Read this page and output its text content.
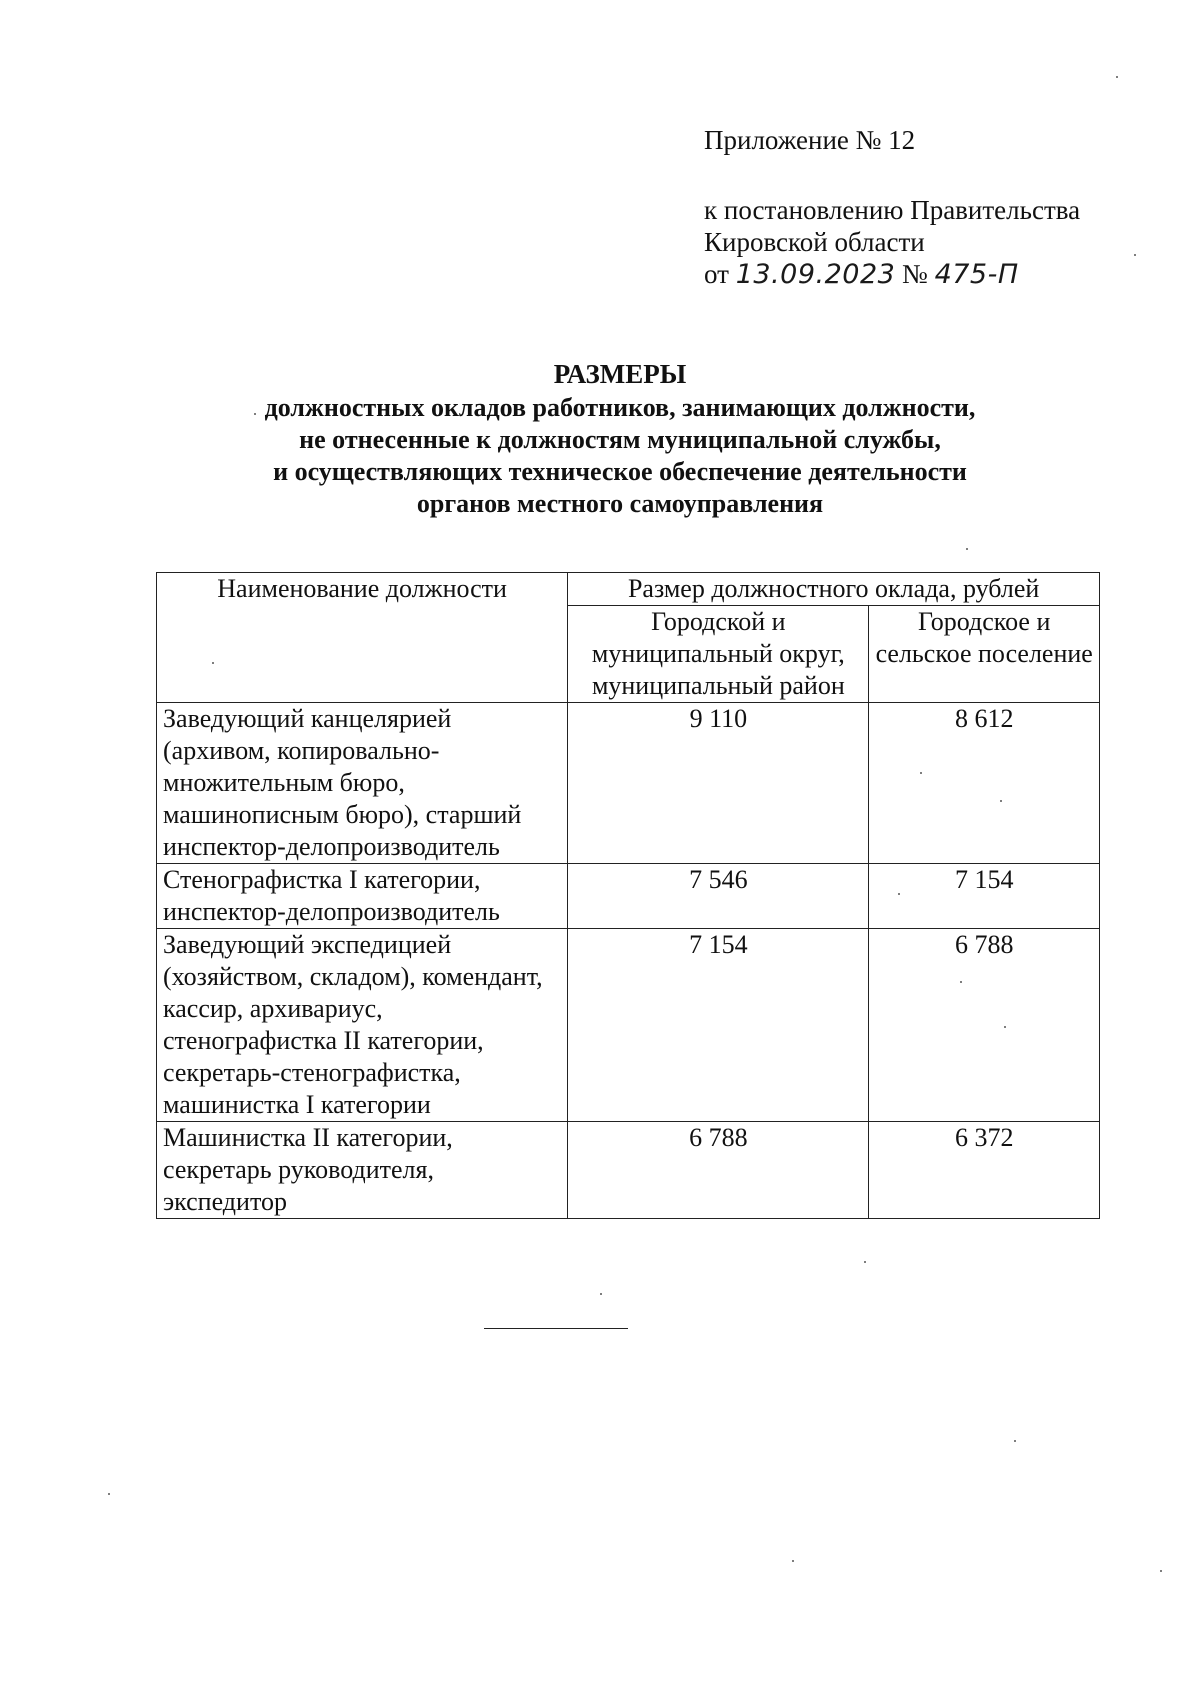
Приложение № 12
к постановлению Правительства
Кировской области
от 13.09.2023 № 475-П
РАЗМЕРЫ
должностных окладов работников, занимающих должности,
не отнесенные к должностям муниципальной службы,
и осуществляющих техническое обеспечение деятельности
органов местного самоуправления
Наименование должности	Размер должностного оклада, рублей	
	Городской и муниципальный округ, муниципальный район	Городское и сельское поселение
Заведующий канцелярией (архивом, копировально-множительным бюро, машинописным бюро), старший инспектор-делопроизводитель	9 110	8 612
Стенографистка I категории, инспектор-делопроизводитель	7 546	7 154
Заведующий экспедицией (хозяйством, складом), комендант, кассир, архивариус, стенографистка II категории, секретарь-стенографистка, машинистка I категории	7 154	6 788
Машинистка II категории, секретарь руководителя, экспедитор	6 788	6 372
